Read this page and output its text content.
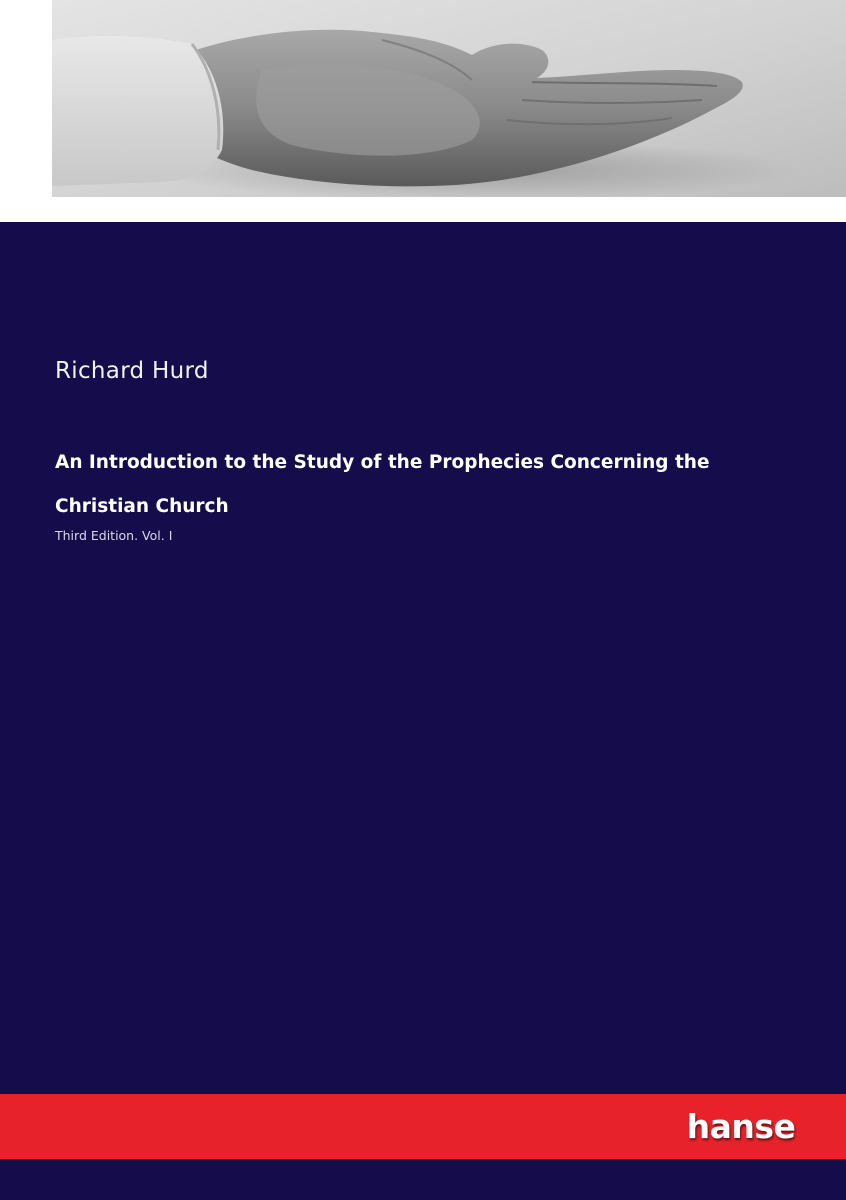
Richard Hurd
An Introduction to the Study of the Prophecies Concerning the Christian Church

Third Edition. Vol. I

hanse
